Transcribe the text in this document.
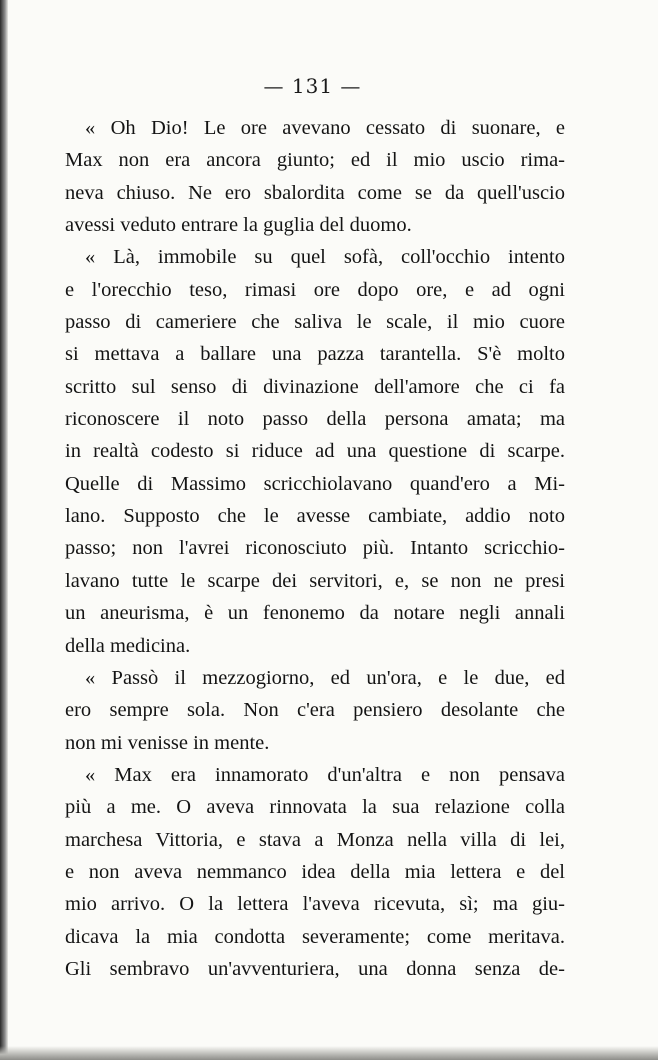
— 131 —
« Oh Dio! Le ore avevano cessato di suonare, e
Max non era ancora giunto; ed il mio uscio rima-
neva chiuso. Ne ero sbalordita come se da quell'uscio
avessi veduto entrare la guglia del duomo.
« Là, immobile su quel sofà, coll'occhio intento
e l'orecchio teso, rimasi ore dopo ore, e ad ogni
passo di cameriere che saliva le scale, il mio cuore
si mettava a ballare una pazza tarantella. S'è molto
scritto sul senso di divinazione dell'amore che ci fa
riconoscere il noto passo della persona amata; ma
in realtà codesto si riduce ad una questione di scarpe.
Quelle di Massimo scricchiolavano quand'ero a Mi-
lano. Supposto che le avesse cambiate, addio noto
passo; non l'avrei riconosciuto più. Intanto scricchio-
lavano tutte le scarpe dei servitori, e, se non ne presi
un aneurisma, è un fenonemo da notare negli annali
della medicina.
« Passò il mezzogiorno, ed un'ora, e le due, ed
ero sempre sola. Non c'era pensiero desolante che
non mi venisse in mente.
« Max era innamorato d'un'altra e non pensava
più a me. O aveva rinnovata la sua relazione colla
marchesa Vittoria, e stava a Monza nella villa di lei,
e non aveva nemmanco idea della mia lettera e del
mio arrivo. O la lettera l'aveva ricevuta, sì; ma giu-
dicava la mia condotta severamente; come meritava.
Gli sembravo un'avventuriera, una donna senza de-
